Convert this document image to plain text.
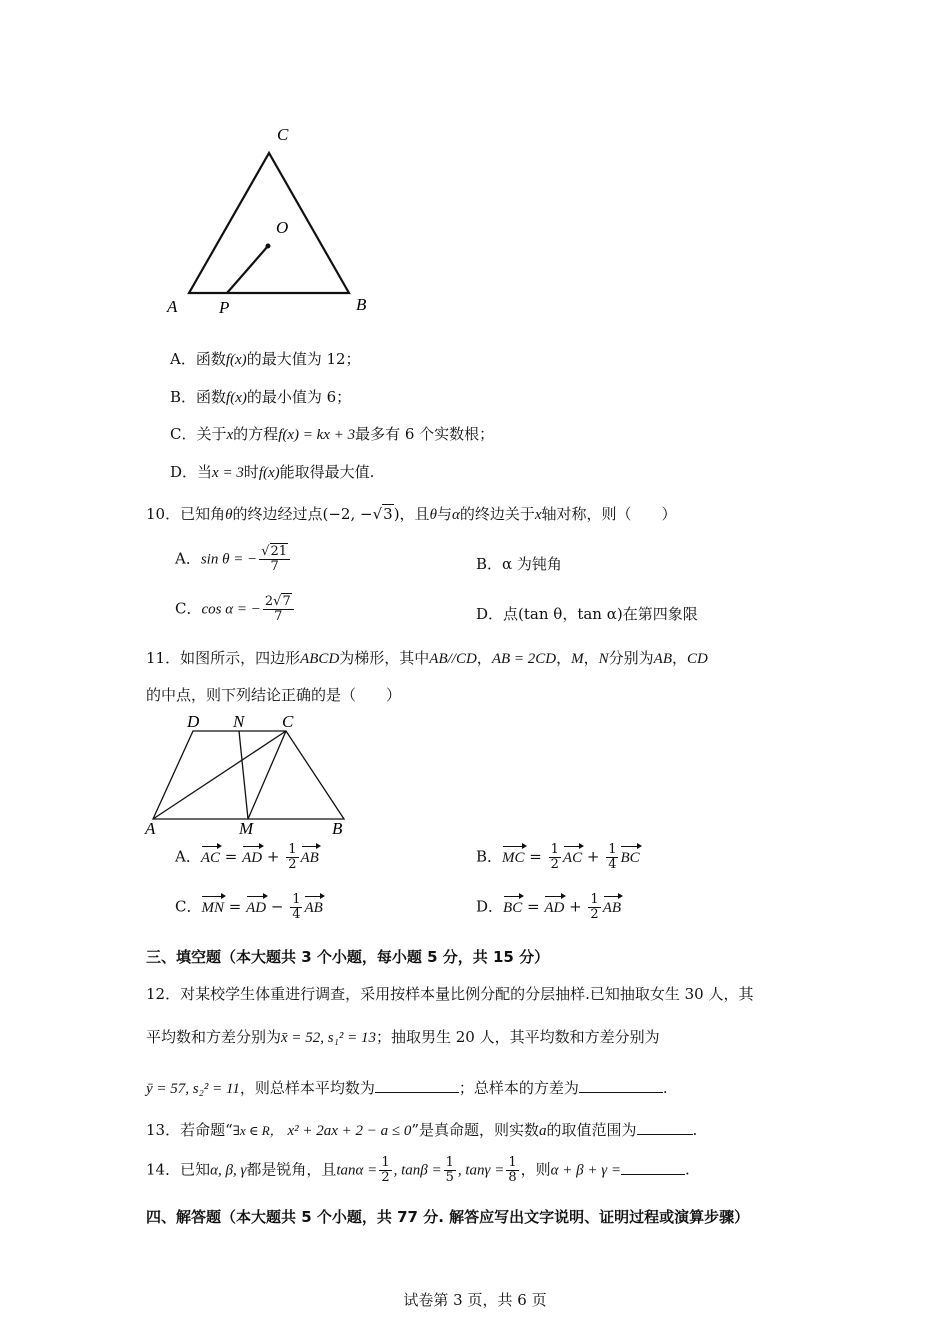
C
O
A P	B
A．函数f(x)的最大值为 12；
B．函数f(x)的最小值为 6；
C．关于x的方程f(x) = kx + 3最多有 6 个实数根；
D．当x = 3时f(x)能取得最大值.
10．已知角θ的终边经过点(−2, −√3)，且θ与α的终边关于x轴对称，则（　　）
A．sin θ = − $\frac{√21}{7}$	B．α 为钝角
C．cos α = − $\frac{2√7}{7}$	D．点(tan θ，tan α)在第四象限
11．如图所示，四边形ABCD为梯形，其中AB//CD，AB = 2CD，M，N分别为AB，CD
的中点，则下列结论正确的是（　　）
D N C
A	M	B
A．AC = AD + $\frac{1}{2}$ AB	B．MC = $\frac{1}{2}$ AC + $\frac{1}{4}$ BC
C．MN = AD − $\frac{1}{4}$ AB	D．BC = AD + $\frac{1}{2}$ AB
三、填空题（本大题共 3 个小题，每小题 5 分，共 15 分）
12．对某校学生体重进行调查，采用按样本量比例分配的分层抽样.已知抽取女生 30 人，其
平均数和方差分别为x̄ = 52, s₁² = 13；抽取男生 20 人，其平均数和方差分别为
ȳ = 57, s₂² = 11，则总样本平均数为	；总样本的方差为	.
13．若命题“∃x ∈ R， x² + 2ax + 2 − a ≤ 0”是真命题，则实数a的取值范围为	.
14．已知α, β, γ都是锐角，且$\tan\alpha = \frac{1}{2}$ , $\tan\beta = \frac{1}{5}$ , $\tan\gamma = \frac{1}{8}$ ，则α + β + γ =	.
四、解答题（本大题共 5 个小题，共 77 分. 解答应写出文字说明、证明过程或演算步骤）
试卷第 3 页，共 6 页
